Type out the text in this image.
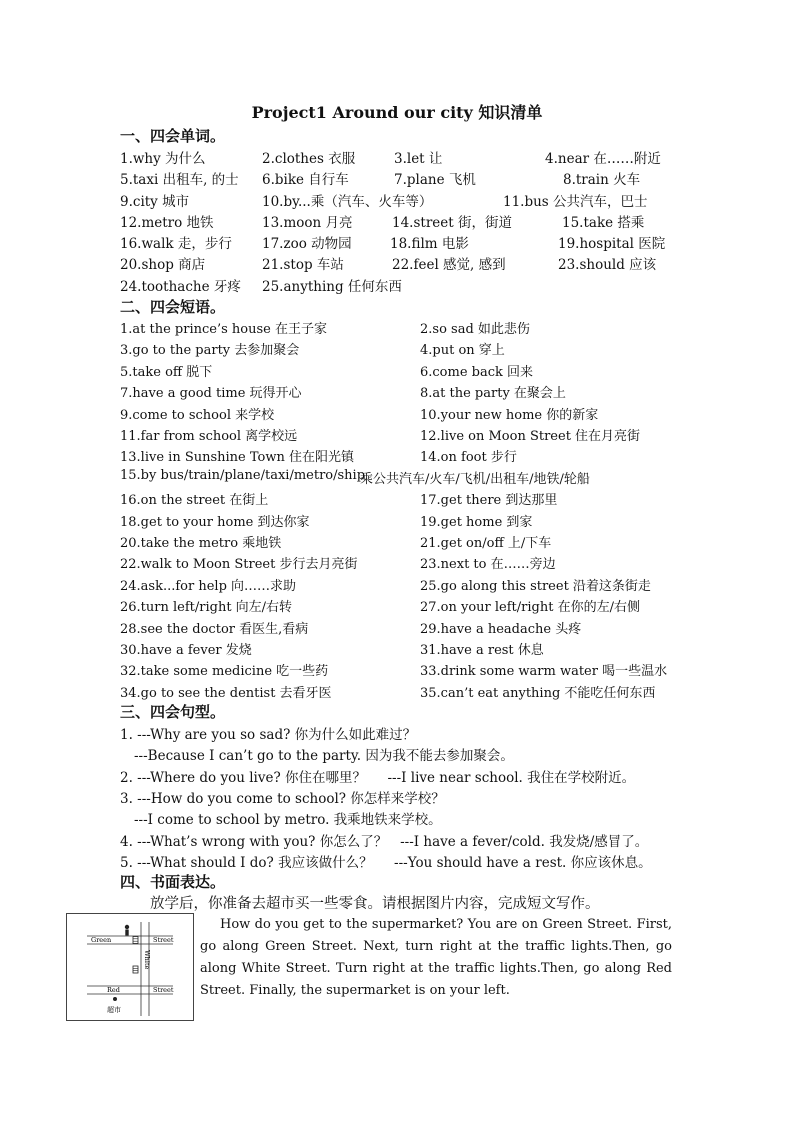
Project1 Around our city 知识清单
一、四会单词。
1.why 为什么	2.clothes 衣服	3.let 让	4.near 在……附近
5.taxi 出租车, 的士 6.bike 自行车	7.plane 飞机	8.train 火车
9.city 城市	10.by...乘（汽车、火车等）	11.bus 公共汽车，巴士
12.metro 地铁	13.moon 月亮	14.street 街，街道	15.take 搭乘
16.walk 走，步行 17.zoo 动物园	18.film 电影	19.hospital 医院
20.shop 商店	21.stop 车站	22.feel 感觉, 感到	23.should 应该
24.toothache 牙疼 25.anything 任何东西
二、四会短语。
1.at the prince’s house 在王子家	2.so sad 如此悲伤
3.go to the party 去参加聚会	4.put on 穿上
5.take off 脱下	6.come back 回来
7.have a good time 玩得开心	8.at the party 在聚会上
9.come to school 来学校	10.your new home 你的新家
11.far from school 离学校远	12.live on Moon Street 住在月亮街
13.live in Sunshine Town 住在阳光镇	14.on foot 步行
15.by bus/train/plane/taxi/metro/ship
乘公共汽车/火车/飞机/出租车/地铁/轮船
16.on the street 在街上	17.get there 到达那里
18.get to your home 到达你家	19.get home 到家
20.take the metro 乘地铁	21.get on/off 上/下车
22.walk to Moon Street 步行去月亮街	23.next to 在……旁边
24.ask...for help 向……求助	25.go along this street 沿着这条街走
26.turn left/right 向左/右转	27.on your left/right 在你的左/右侧
28.see the doctor 看医生,看病	29.have a headache 头疼
30.have a fever 发烧	31.have a rest 休息
32.take some medicine 吃一些药	33.drink some warm water 喝一些温水
34.go to see the dentist 去看牙医	35.can’t eat anything 不能吃任何东西
三、四会句型。
1. ---Why are you so sad? 你为什么如此难过？
---Because I can’t go to the party. 因为我不能去参加聚会。
2. ---Where do you live? 你住在哪里？     ---I live near school. 我住在学校附近。
3. ---How do you come to school? 你怎样来学校？
---I come to school by metro. 我乘地铁来学校。
4. ---What’s wrong with you? 你怎么了？   ---I have a fever/cold. 我发烧/感冒了。
5. ---What should I do? 我应该做什么？     ---You should have a rest. 你应该休息。
四、书面表达。
放学后，你准备去超市买一些零食。请根据图片内容，完成短文写作。
Green	Street
White
Red	Street
超市
How do you get to the supermarket? You are on Green Street. First, go along Green Street. Next, turn right at the traffic lights.Then, go along White Street. Turn right at the traffic lights.Then, go along Red Street. Finally, the supermarket is on your left.
